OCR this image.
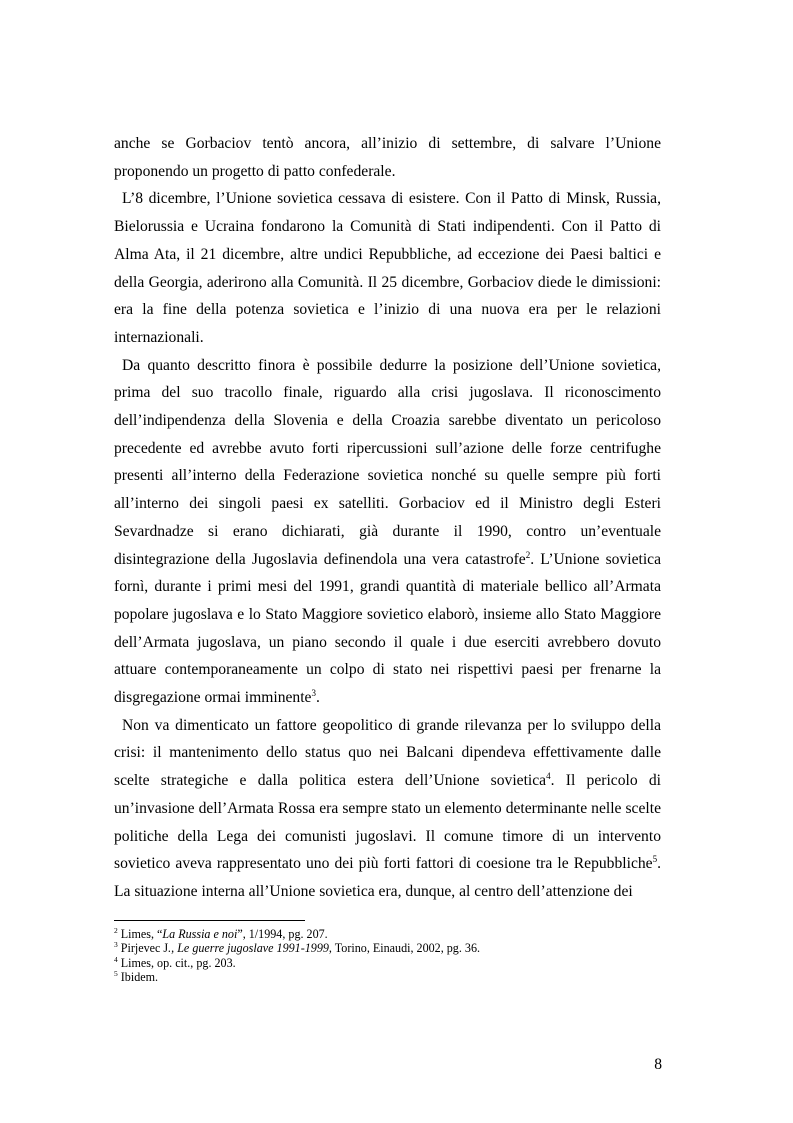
anche se Gorbaciov tentò ancora, all’inizio di settembre, di salvare l’Unione proponendo un progetto di patto confederale.

L’8 dicembre, l’Unione sovietica cessava di esistere. Con il Patto di Minsk, Russia, Bielorussia e Ucraina fondarono la Comunità di Stati indipendenti. Con il Patto di Alma Ata, il 21 dicembre, altre undici Repubbliche, ad eccezione dei Paesi baltici e della Georgia, aderirono alla Comunità. Il 25 dicembre, Gorbaciov diede le dimissioni: era la fine della potenza sovietica e l’inizio di una nuova era per le relazioni internazionali.

Da quanto descritto finora è possibile dedurre la posizione dell’Unione sovietica, prima del suo tracollo finale, riguardo alla crisi jugoslava. Il riconoscimento dell’indipendenza della Slovenia e della Croazia sarebbe diventato un pericoloso precedente ed avrebbe avuto forti ripercussioni sull’azione delle forze centrifughe presenti all’interno della Federazione sovietica nonché su quelle sempre più forti all’interno dei singoli paesi ex satelliti. Gorbaciov ed il Ministro degli Esteri Sevardnadze si erano dichiarati, già durante il 1990, contro un’eventuale disintegrazione della Jugoslavia definendola una vera catastrofe$^2$. L’Unione sovietica fornì, durante i primi mesi del 1991, grandi quantità di materiale bellico all’Armata popolare jugoslava e lo Stato Maggiore sovietico elaborò, insieme allo Stato Maggiore dell’Armata jugoslava, un piano secondo il quale i due eserciti avrebbero dovuto attuare contemporaneamente un colpo di stato nei rispettivi paesi per frenarne la disgregazione ormai imminente$^3$.

Non va dimenticato un fattore geopolitico di grande rilevanza per lo sviluppo della crisi: il mantenimento dello status quo nei Balcani dipendeva effettivamente dalle scelte strategiche e dalla politica estera dell’Unione sovietica$^4$. Il pericolo di un’invasione dell’Armata Rossa era sempre stato un elemento determinante nelle scelte politiche della Lega dei comunisti jugoslavi. Il comune timore di un intervento sovietico aveva rappresentato uno dei più forti fattori di coesione tra le Repubbliche$^5$. La situazione interna all’Unione sovietica era, dunque, al centro dell’attenzione dei

$^2$ Limes, “La Russia e noi”, 1/1994, pg. 207.

$^3$ Pirjevec J., Le guerre jugoslave 1991-1999, Torino, Einaudi, 2002, pg. 36.

$^4$ Limes, op. cit., pg. 203.

$^5$ Ibidem.

8
